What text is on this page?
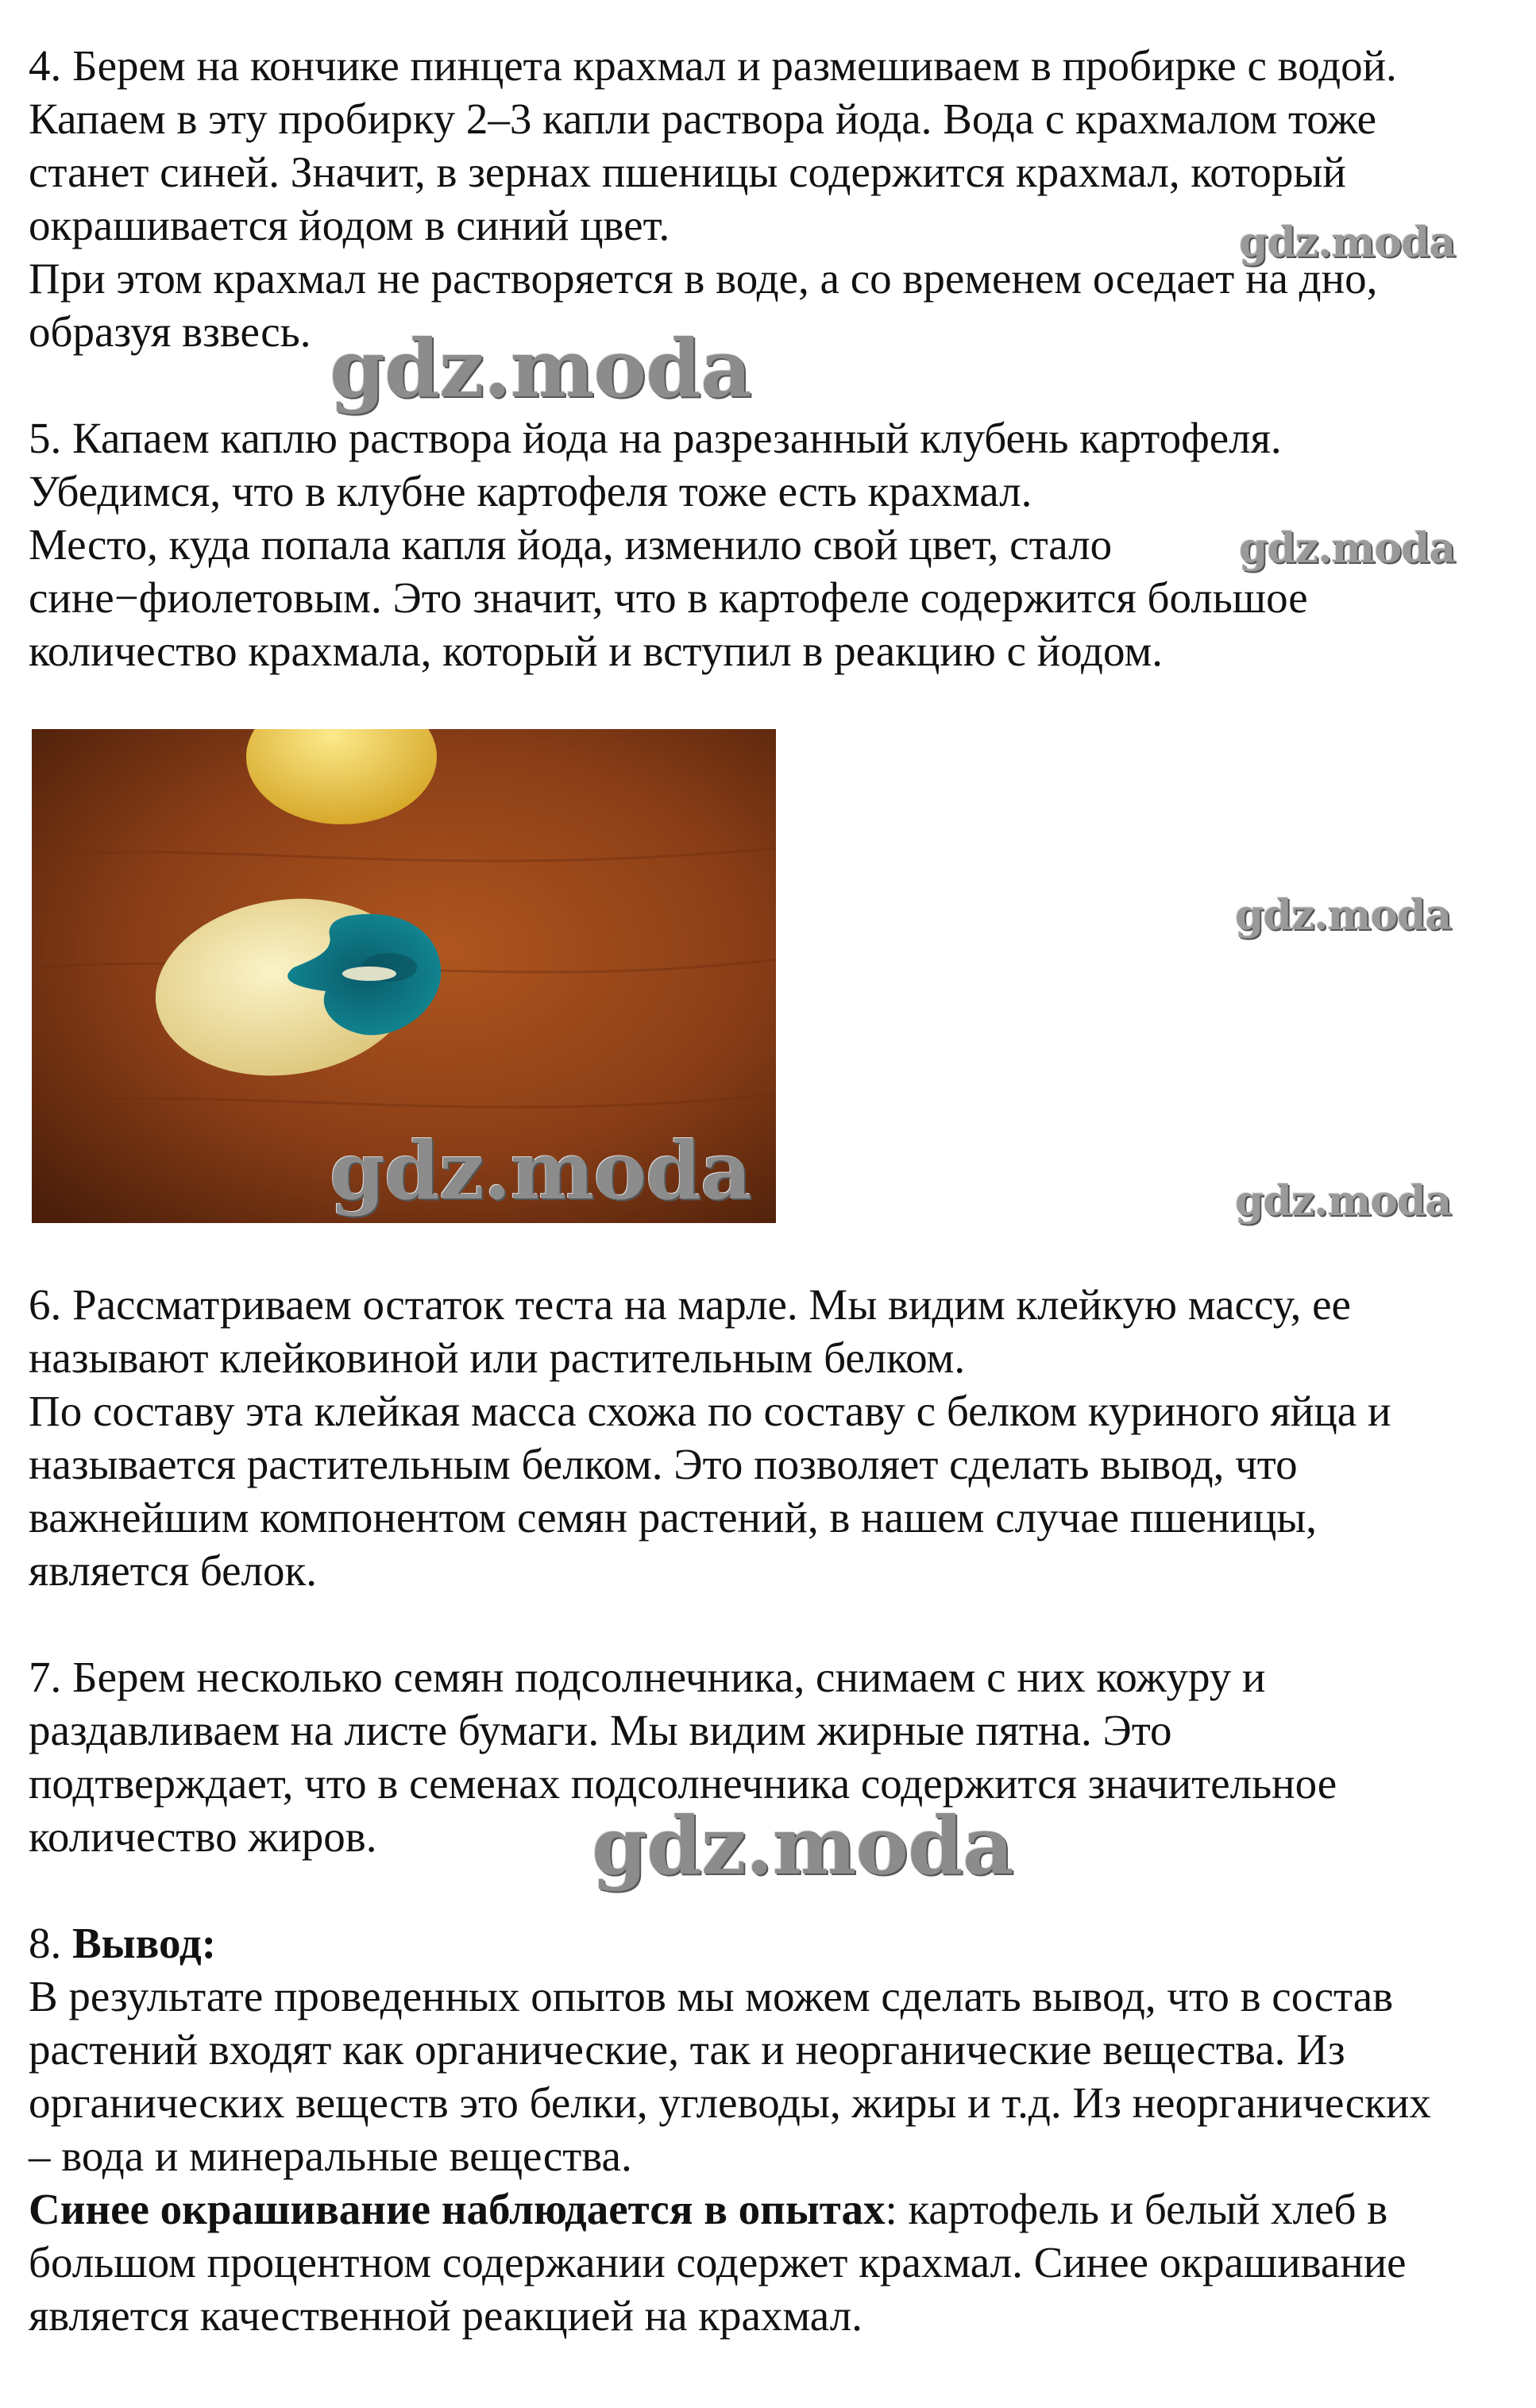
4. Берем на кончике пинцета крахмал и размешиваем в пробирке с водой.
Капаем в эту пробирку 2–3 капли раствора йода. Вода с крахмалом тоже
станет синей. Значит, в зернах пшеницы содержится крахмал, который
окрашивается йодом в синий цвет.
При этом крахмал не растворяется в воде, а со временем оседает на дно,
образуя взвесь.
5. Капаем каплю раствора йода на разрезанный клубень картофеля.
Убедимся, что в клубне картофеля тоже есть крахмал.
Место, куда попала капля йода, изменило свой цвет, стало
сине−фиолетовым. Это значит, что в картофеле содержится большое
количество крахмала, который и вступил в реакцию с йодом.
6. Рассматриваем остаток теста на марле. Мы видим клейкую массу, ее
называют клейковиной или растительным белком.
По составу эта клейкая масса схожа по составу с белком куриного яйца и
называется растительным белком. Это позволяет сделать вывод, что
важнейшим компонентом семян растений, в нашем случае пшеницы,
является белок.
7. Берем несколько семян подсолнечника, снимаем с них кожуру и
раздавливаем на листе бумаги. Мы видим жирные пятна. Это
подтверждает, что в семенах подсолнечника содержится значительное
количество жиров.
8. Вывод:
В результате проведенных опытов мы можем сделать вывод, что в состав
растений входят как органические, так и неорганические вещества. Из
органических веществ это белки, углеводы, жиры и т.д. Из неорганических
– вода и минеральные вещества.
Синее окрашивание наблюдается в опытах: картофель и белый хлеб в
большом процентном содержании содержет крахмал. Синее окрашивание
является качественной реакцией на крахмал.
gdz.moda
gdz.moda
gdz.moda
gdz.moda
gdz.moda	gdz.moda
gdz.moda
